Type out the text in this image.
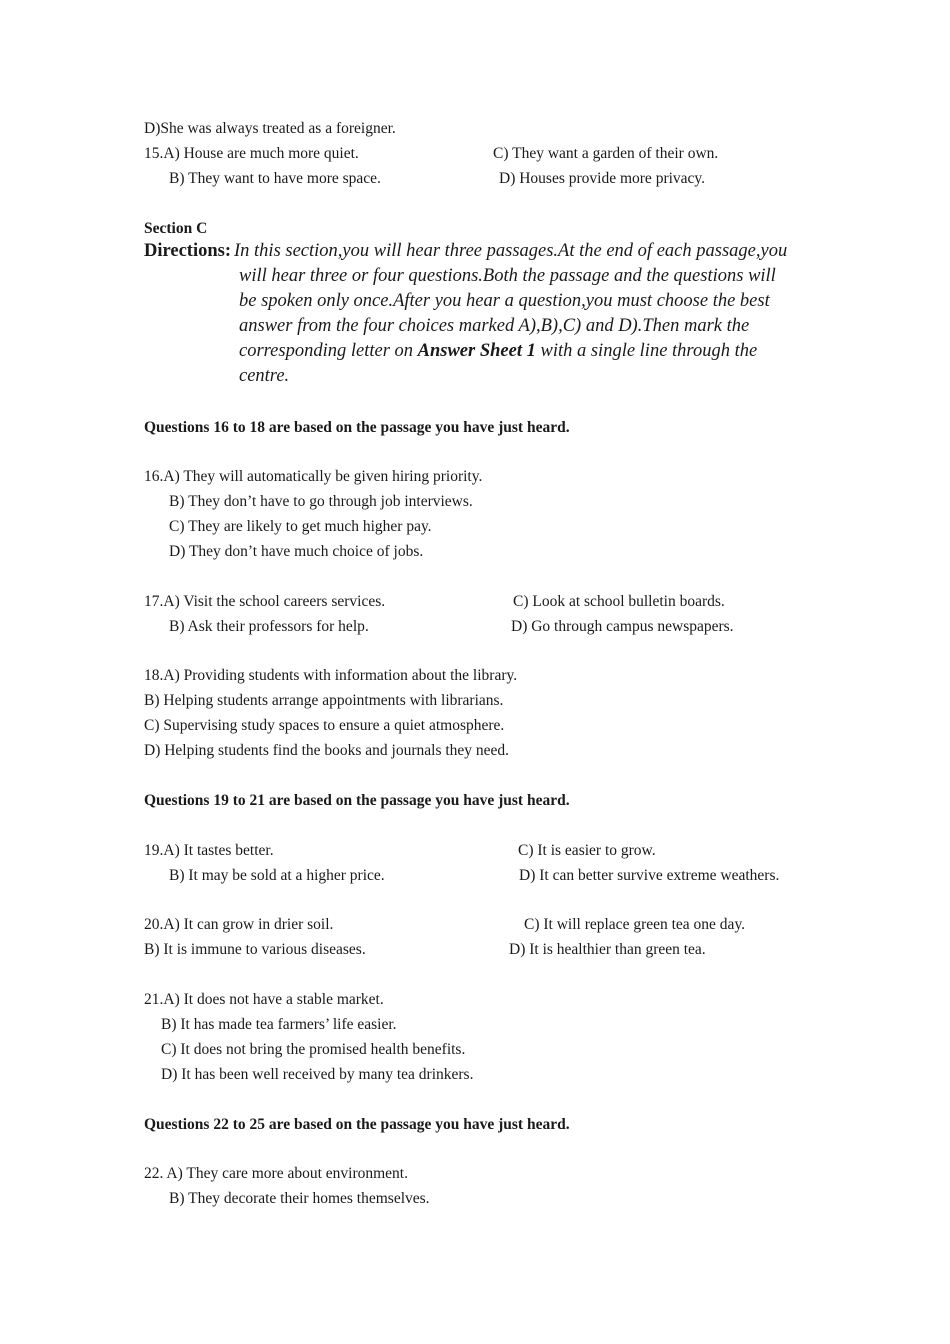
D)She was always treated as a foreigner.
15.A) House are much more quiet.	C) They want a garden of their own.
B) They want to have more space.	D) Houses provide more privacy.
Section C
Directions: In this section,you will hear three passages.At the end of each passage,you
will hear three or four questions.Both the passage and the questions will
be spoken only once.After you hear a question,you must choose the best
answer from the four choices marked A),B),C) and D).Then mark the
corresponding letter on Answer Sheet 1 with a single line through the
centre.
Questions 16 to 18 are based on the passage you have just heard.
16.A) They will automatically be given hiring priority.
B) They don’t have to go through job interviews.
C) They are likely to get much higher pay.
D) They don’t have much choice of jobs.
17.A) Visit the school careers services.	C) Look at school bulletin boards.
B) Ask their professors for help.	D) Go through campus newspapers.
18.A) Providing students with information about the library.
B) Helping students arrange appointments with librarians.
C) Supervising study spaces to ensure a quiet atmosphere.
D) Helping students find the books and journals they need.
Questions 19 to 21 are based on the passage you have just heard.
19.A) It tastes better.	C) It is easier to grow.
B) It may be sold at a higher price.	D) It can better survive extreme weathers.
20.A) It can grow in drier soil.	C) It will replace green tea one day.
B) It is immune to various diseases.	D) It is healthier than green tea.
21.A) It does not have a stable market.
B) It has made tea farmers’ life easier.
C) It does not bring the promised health benefits.
D) It has been well received by many tea drinkers.
Questions 22 to 25 are based on the passage you have just heard.
22. A) They care more about environment.
B) They decorate their homes themselves.
